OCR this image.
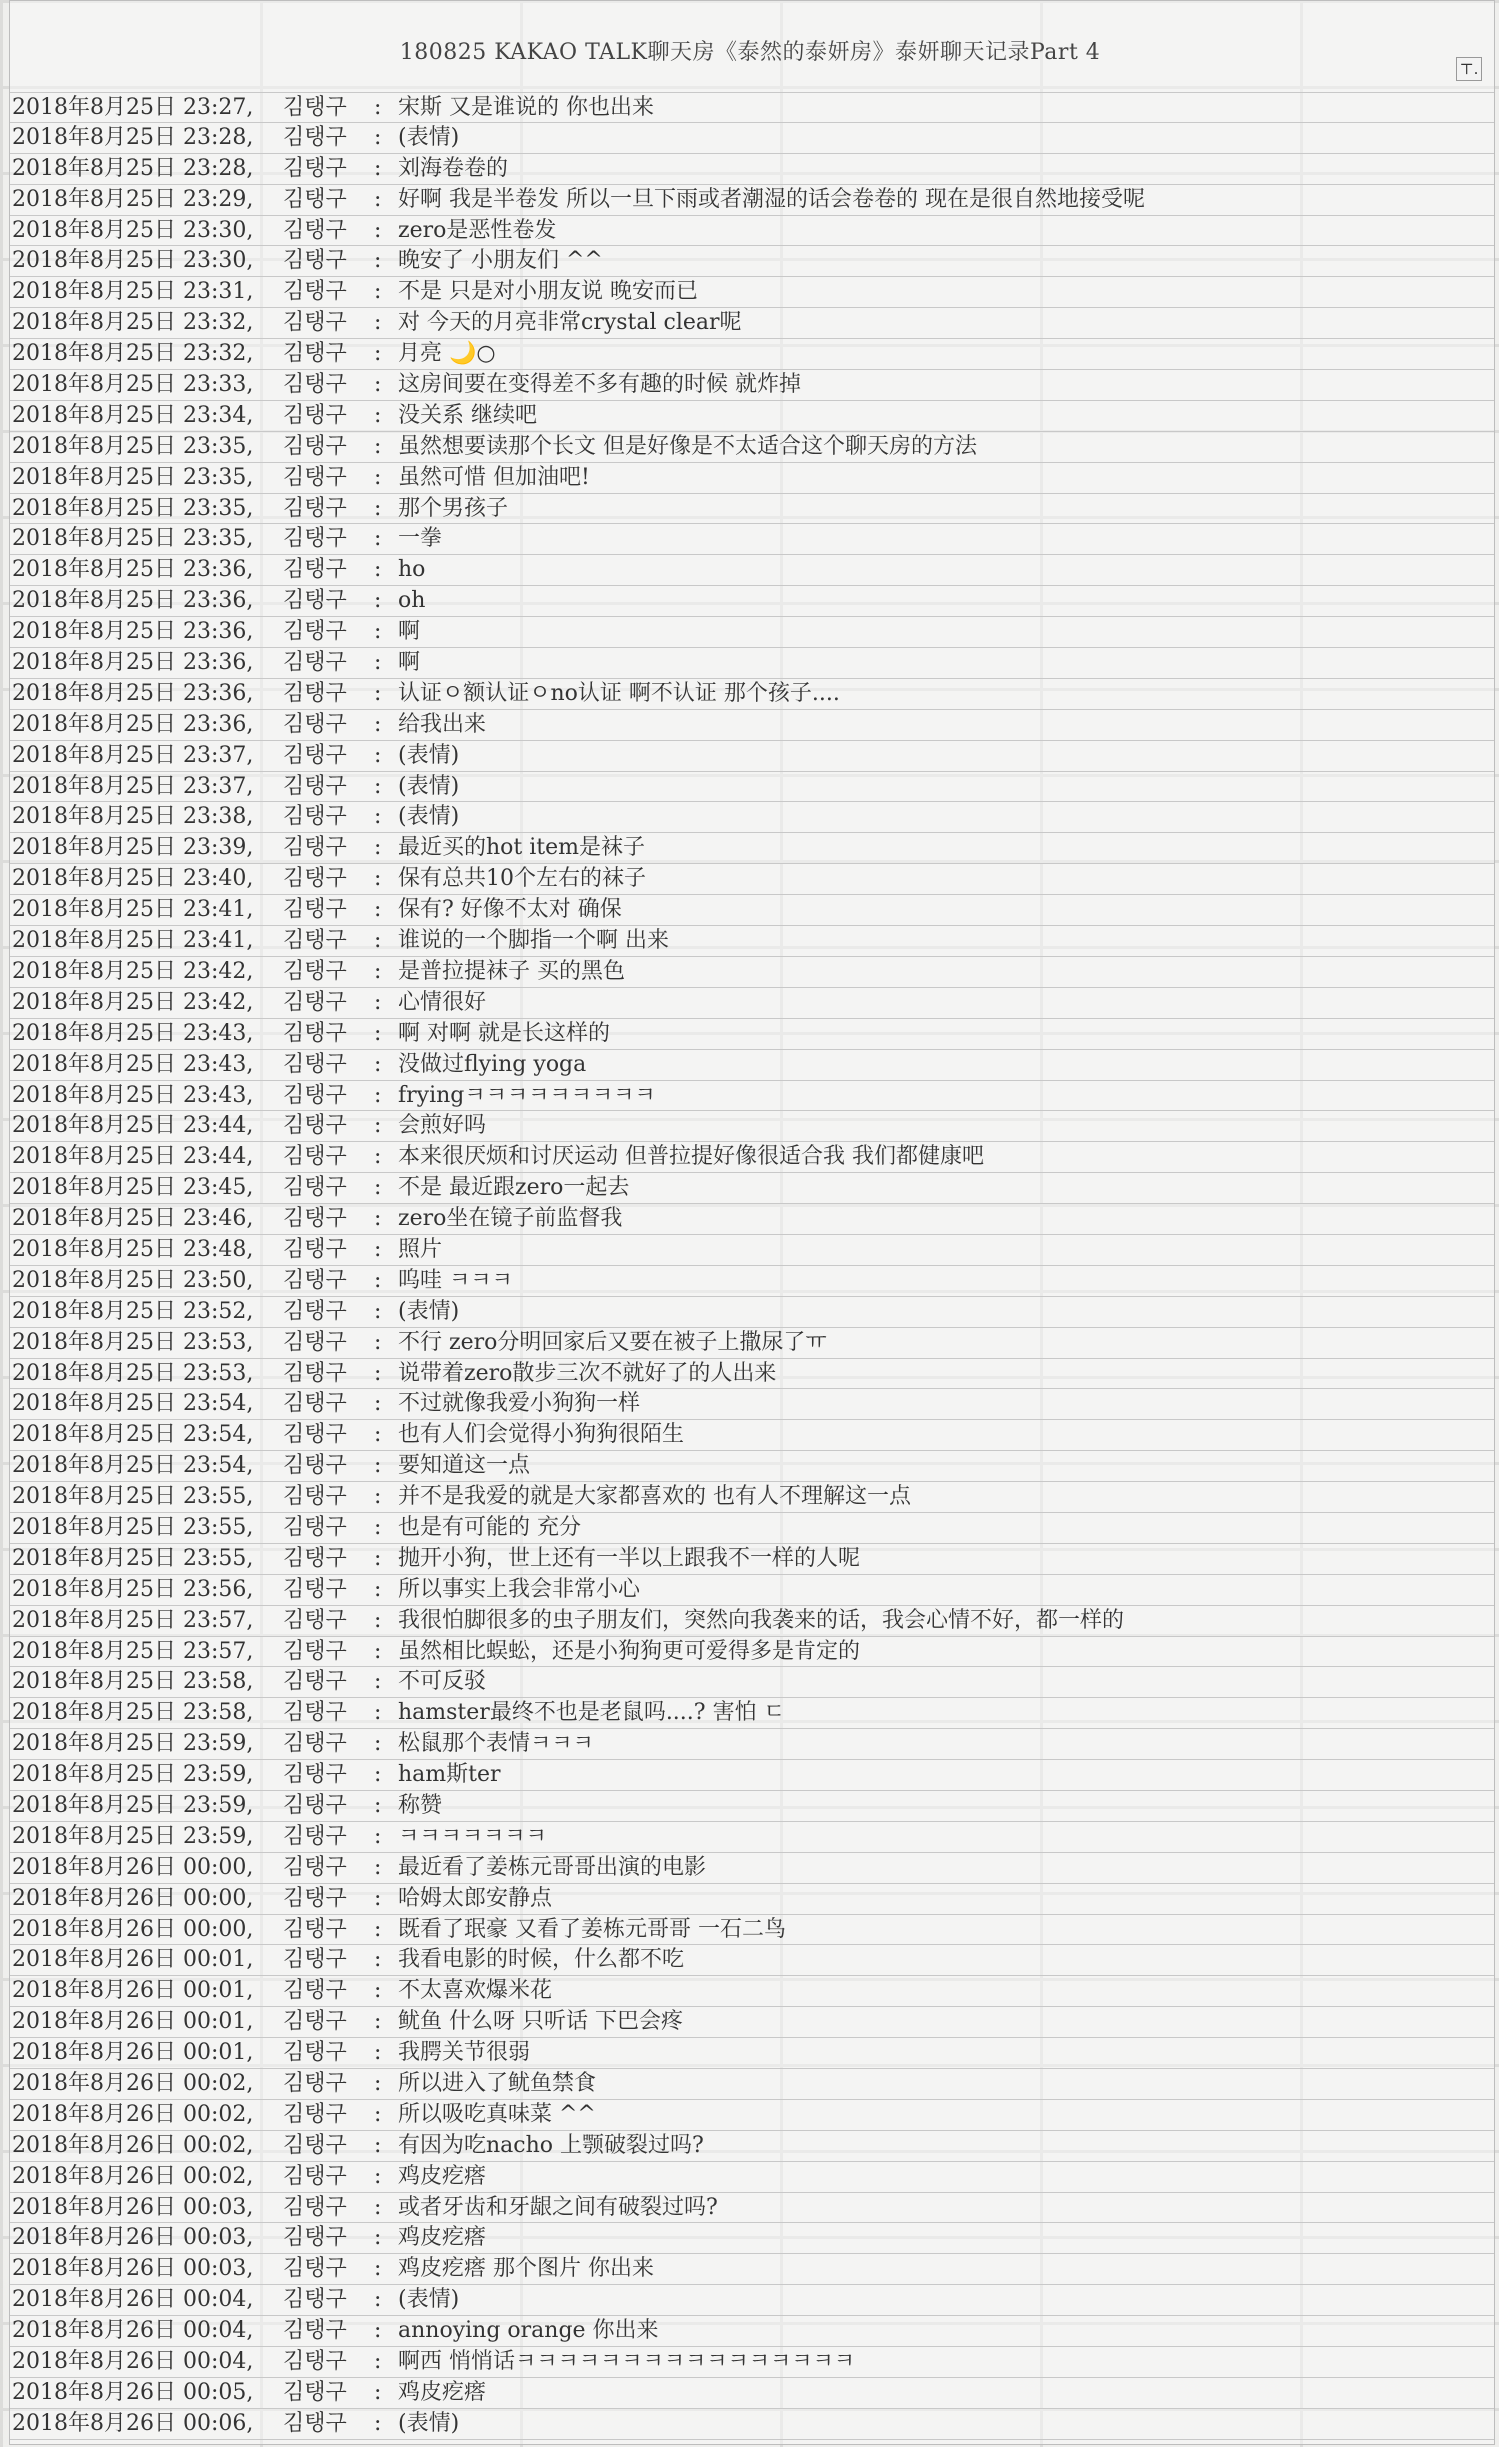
180825 KAKAO TALK聊天房《泰然的泰妍房》泰妍聊天记录Part 4
⊤.
2018年8月25日 23:27, 김탱구 : 宋斯 又是谁说的 你也出来
2018年8月25日 23:28, 김탱구 : (表情)
2018年8月25日 23:28, 김탱구 : 刘海卷卷的
2018年8月25日 23:29, 김탱구 : 好啊 我是半卷发 所以一旦下雨或者潮湿的话会卷卷的 现在是很自然地接受呢
2018年8月25日 23:30, 김탱구 : zero是恶性卷发
2018年8月25日 23:30, 김탱구 : 晚安了 小朋友们 ^^
2018年8月25日 23:31, 김탱구 : 不是 只是对小朋友说 晚安而已
2018年8月25日 23:32, 김탱구 : 对 今天的月亮非常crystal clear呢
2018年8月25日 23:32, 김탱구 : 月亮 🌙○
2018年8月25日 23:33, 김탱구 : 这房间要在变得差不多有趣的时候 就炸掉
2018年8月25日 23:34, 김탱구 : 没关系 继续吧
2018年8月25日 23:35, 김탱구 : 虽然想要读那个长文 但是好像是不太适合这个聊天房的方法
2018年8月25日 23:35, 김탱구 : 虽然可惜 但加油吧!
2018年8月25日 23:35, 김탱구 : 那个男孩子
2018年8月25日 23:35, 김탱구 : 一拳
2018年8月25日 23:36, 김탱구 : ho
2018年8月25日 23:36, 김탱구 : oh
2018年8月25日 23:36, 김탱구 : 啊
2018年8月25日 23:36, 김탱구 : 啊
2018年8月25日 23:36, 김탱구 : 认证ㅇ额认证ㅇno认证 啊不认证 那个孩子....
2018年8月25日 23:36, 김탱구 : 给我出来
2018年8月25日 23:37, 김탱구 : (表情)
2018年8月25日 23:37, 김탱구 : (表情)
2018年8月25日 23:38, 김탱구 : (表情)
2018年8月25日 23:39, 김탱구 : 最近买的hot item是袜子
2018年8月25日 23:40, 김탱구 : 保有总共10个左右的袜子
2018年8月25日 23:41, 김탱구 : 保有? 好像不太对 确保
2018年8月25日 23:41, 김탱구 : 谁说的一个脚指一个啊 出来
2018年8月25日 23:42, 김탱구 : 是普拉提袜子 买的黑色
2018年8月25日 23:42, 김탱구 : 心情很好
2018年8月25日 23:43, 김탱구 : 啊 对啊 就是长这样的
2018年8月25日 23:43, 김탱구 : 没做过flying yoga
2018年8月25日 23:43, 김탱구 : fryingㅋㅋㅋㅋㅋㅋㅋㅋㅋ
2018年8月25日 23:44, 김탱구 : 会煎好吗
2018年8月25日 23:44, 김탱구 : 本来很厌烦和讨厌运动 但普拉提好像很适合我 我们都健康吧
2018年8月25日 23:45, 김탱구 : 不是 最近跟zero一起去
2018年8月25日 23:46, 김탱구 : zero坐在镜子前监督我
2018年8月25日 23:48, 김탱구 : 照片
2018年8月25日 23:50, 김탱구 : 呜哇 ㅋㅋㅋ
2018年8月25日 23:52, 김탱구 : (表情)
2018年8月25日 23:53, 김탱구 : 不行 zero分明回家后又要在被子上撒尿了ㅠ
2018年8月25日 23:53, 김탱구 : 说带着zero散步三次不就好了的人出来
2018年8月25日 23:54, 김탱구 : 不过就像我爱小狗狗一样
2018年8月25日 23:54, 김탱구 : 也有人们会觉得小狗狗很陌生
2018年8月25日 23:54, 김탱구 : 要知道这一点
2018年8月25日 23:55, 김탱구 : 并不是我爱的就是大家都喜欢的 也有人不理解这一点
2018年8月25日 23:55, 김탱구 : 也是有可能的 充分
2018年8月25日 23:55, 김탱구 : 抛开小狗，世上还有一半以上跟我不一样的人呢
2018年8月25日 23:56, 김탱구 : 所以事实上我会非常小心
2018年8月25日 23:57, 김탱구 : 我很怕脚很多的虫子朋友们，突然向我袭来的话，我会心情不好，都一样的
2018年8月25日 23:57, 김탱구 : 虽然相比蜈蚣，还是小狗狗更可爱得多是肯定的
2018年8月25日 23:58, 김탱구 : 不可反驳
2018年8月25日 23:58, 김탱구 : hamster最终不也是老鼠吗....? 害怕 ㄷ
2018年8月25日 23:59, 김탱구 : 松鼠那个表情ㅋㅋㅋ
2018年8月25日 23:59, 김탱구 : ham斯ter
2018年8月25日 23:59, 김탱구 : 称赞
2018年8月25日 23:59, 김탱구 : ㅋㅋㅋㅋㅋㅋㅋ
2018年8月26日 00:00, 김탱구 : 最近看了姜栋元哥哥出演的电影
2018年8月26日 00:00, 김탱구 : 哈姆太郎安静点
2018年8月26日 00:00, 김탱구 : 既看了珉豪 又看了姜栋元哥哥 一石二鸟
2018年8月26日 00:01, 김탱구 : 我看电影的时候，什么都不吃
2018年8月26日 00:01, 김탱구 : 不太喜欢爆米花
2018年8月26日 00:01, 김탱구 : 鱿鱼 什么呀 只听话 下巴会疼
2018年8月26日 00:01, 김탱구 : 我腭关节很弱
2018年8月26日 00:02, 김탱구 : 所以进入了鱿鱼禁食
2018年8月26日 00:02, 김탱구 : 所以吸吃真味菜 ^^
2018年8月26日 00:02, 김탱구 : 有因为吃nacho 上颚破裂过吗?
2018年8月26日 00:02, 김탱구 : 鸡皮疙瘩
2018年8月26日 00:03, 김탱구 : 或者牙齿和牙龈之间有破裂过吗?
2018年8月26日 00:03, 김탱구 : 鸡皮疙瘩
2018年8月26日 00:03, 김탱구 : 鸡皮疙瘩 那个图片 你出来
2018年8月26日 00:04, 김탱구 : (表情)
2018年8月26日 00:04, 김탱구 : annoying orange 你出来
2018年8月26日 00:04, 김탱구 : 啊西 悄悄话ㅋㅋㅋㅋㅋㅋㅋㅋㅋㅋㅋㅋㅋㅋㅋㅋ
2018年8月26日 00:05, 김탱구 : 鸡皮疙瘩
2018年8月26日 00:06, 김탱구 : (表情)
